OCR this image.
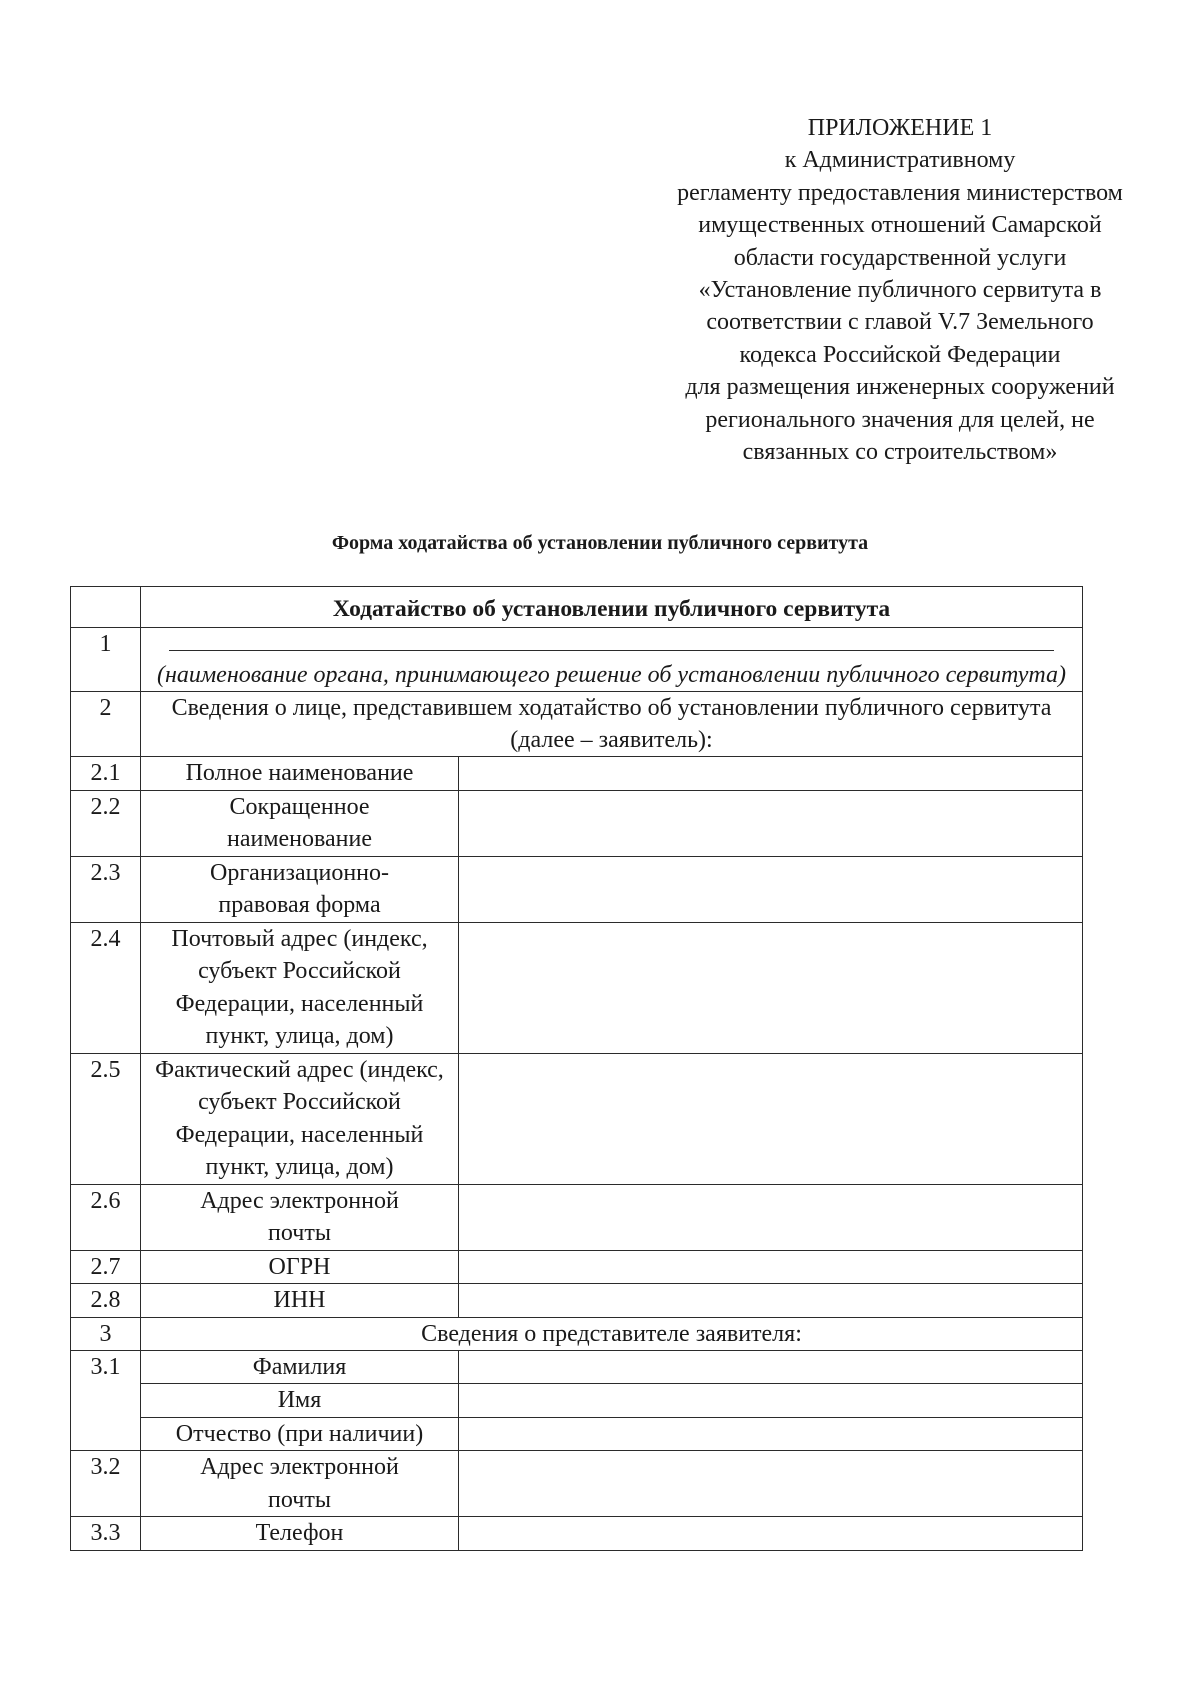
ПРИЛОЖЕНИЕ 1
к Административному
регламенту предоставления министерством
имущественных отношений Самарской
области государственной услуги
«Установление публичного сервитута в
соответствии с главой V.7 Земельного
кодекса Российской Федерации
для размещения инженерных сооружений
регионального значения для целей, не
связанных со строительством»
Форма ходатайства об установлении публичного сервитута
	Ходатайство об установлении публичного сервитута	
1	(наименование органа, принимающего решение об установлении публичного сервитута)	

2	Сведения о лице, представившем ходатайство об установлении публичного сервитута (далее – заявитель):	
2.1	Полное наименование	
2.2	Сокращенное наименование	
2.3	Организационно-правовая форма	
2.4	Почтовый адрес (индекс, субъект Российской Федерации, населенный пункт, улица, дом)	
2.5	Фактический адрес (индекс, субъект Российской Федерации, населенный пункт, улица, дом)	
2.6	Адрес электронной почты	
2.7	ОГРН	
2.8	ИНН	
3	Сведения о представителе заявителя:	
3.1	Фамилия	
	Имя	
	Отчество (при наличии)	
3.2	Адрес электронной почты	
3.3	Телефон	
